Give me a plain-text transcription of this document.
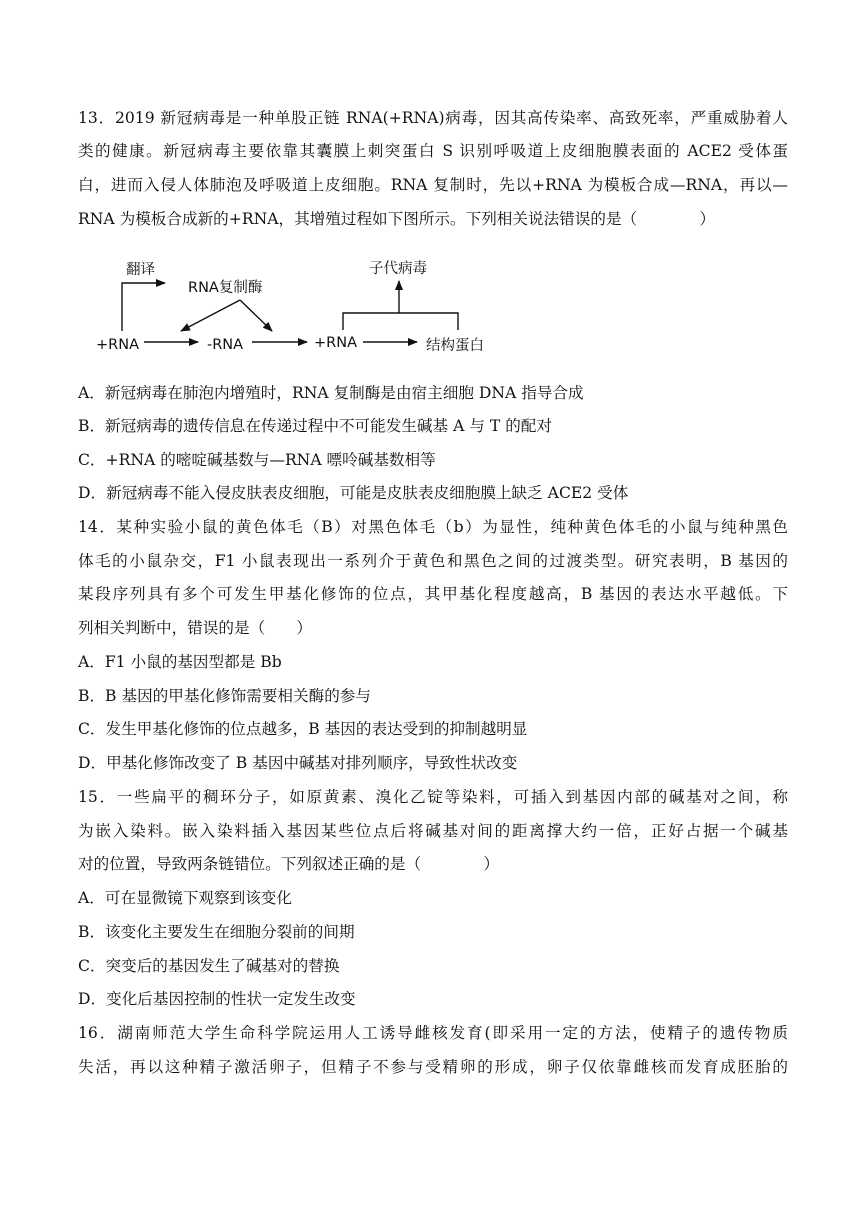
13．2019 新冠病毒是一种单股正链 RNA(+RNA)病毒，因其高传染率、高致死率，严重威胁着人
类的健康。新冠病毒主要依靠其囊膜上刺突蛋白 S 识别呼吸道上皮细胞膜表面的 ACE2 受体蛋
白，进而入侵人体肺泡及呼吸道上皮细胞。RNA 复制时，先以+RNA 为模板合成—RNA，再以—
RNA 为模板合成新的+RNA，其增殖过程如下图所示。下列相关说法错误的是（　　　　）
翻译
RNA复制酶
+RNA	-RNA	+RNA	结构蛋白
子代病毒
A．新冠病毒在肺泡内增殖时，RNA 复制酶是由宿主细胞 DNA 指导合成
B．新冠病毒的遗传信息在传递过程中不可能发生碱基 A 与 T 的配对
C．+RNA 的嘧啶碱基数与—RNA 嘌呤碱基数相等
D．新冠病毒不能入侵皮肤表皮细胞，可能是皮肤表皮细胞膜上缺乏 ACE2 受体
14．某种实验小鼠的黄色体毛（B）对黑色体毛（b）为显性，纯种黄色体毛的小鼠与纯种黑色
体毛的小鼠杂交，F1 小鼠表现出一系列介于黄色和黑色之间的过渡类型。研究表明，B 基因的
某段序列具有多个可发生甲基化修饰的位点，其甲基化程度越高，B 基因的表达水平越低。下
列相关判断中，错误的是（　　）
A．F1 小鼠的基因型都是 Bb
B．B 基因的甲基化修饰需要相关酶的参与
C．发生甲基化修饰的位点越多，B 基因的表达受到的抑制越明显
D．甲基化修饰改变了 B 基因中碱基对排列顺序，导致性状改变
15．一些扁平的稠环分子，如原黄素、溴化乙锭等染料，可插入到基因内部的碱基对之间，称
为嵌入染料。嵌入染料插入基因某些位点后将碱基对间的距离撑大约一倍，正好占据一个碱基
对的位置，导致两条链错位。下列叙述正确的是（　　　　）
A．可在显微镜下观察到该变化
B．该变化主要发生在细胞分裂前的间期
C．突变后的基因发生了碱基对的替换
D．变化后基因控制的性状一定发生改变
16．湖南师范大学生命科学院运用人工诱导雌核发育(即采用一定的方法，使精子的遗传物质
失活，再以这种精子激活卵子，但精子不参与受精卵的形成，卵子仅依靠雌核而发育成胚胎的
